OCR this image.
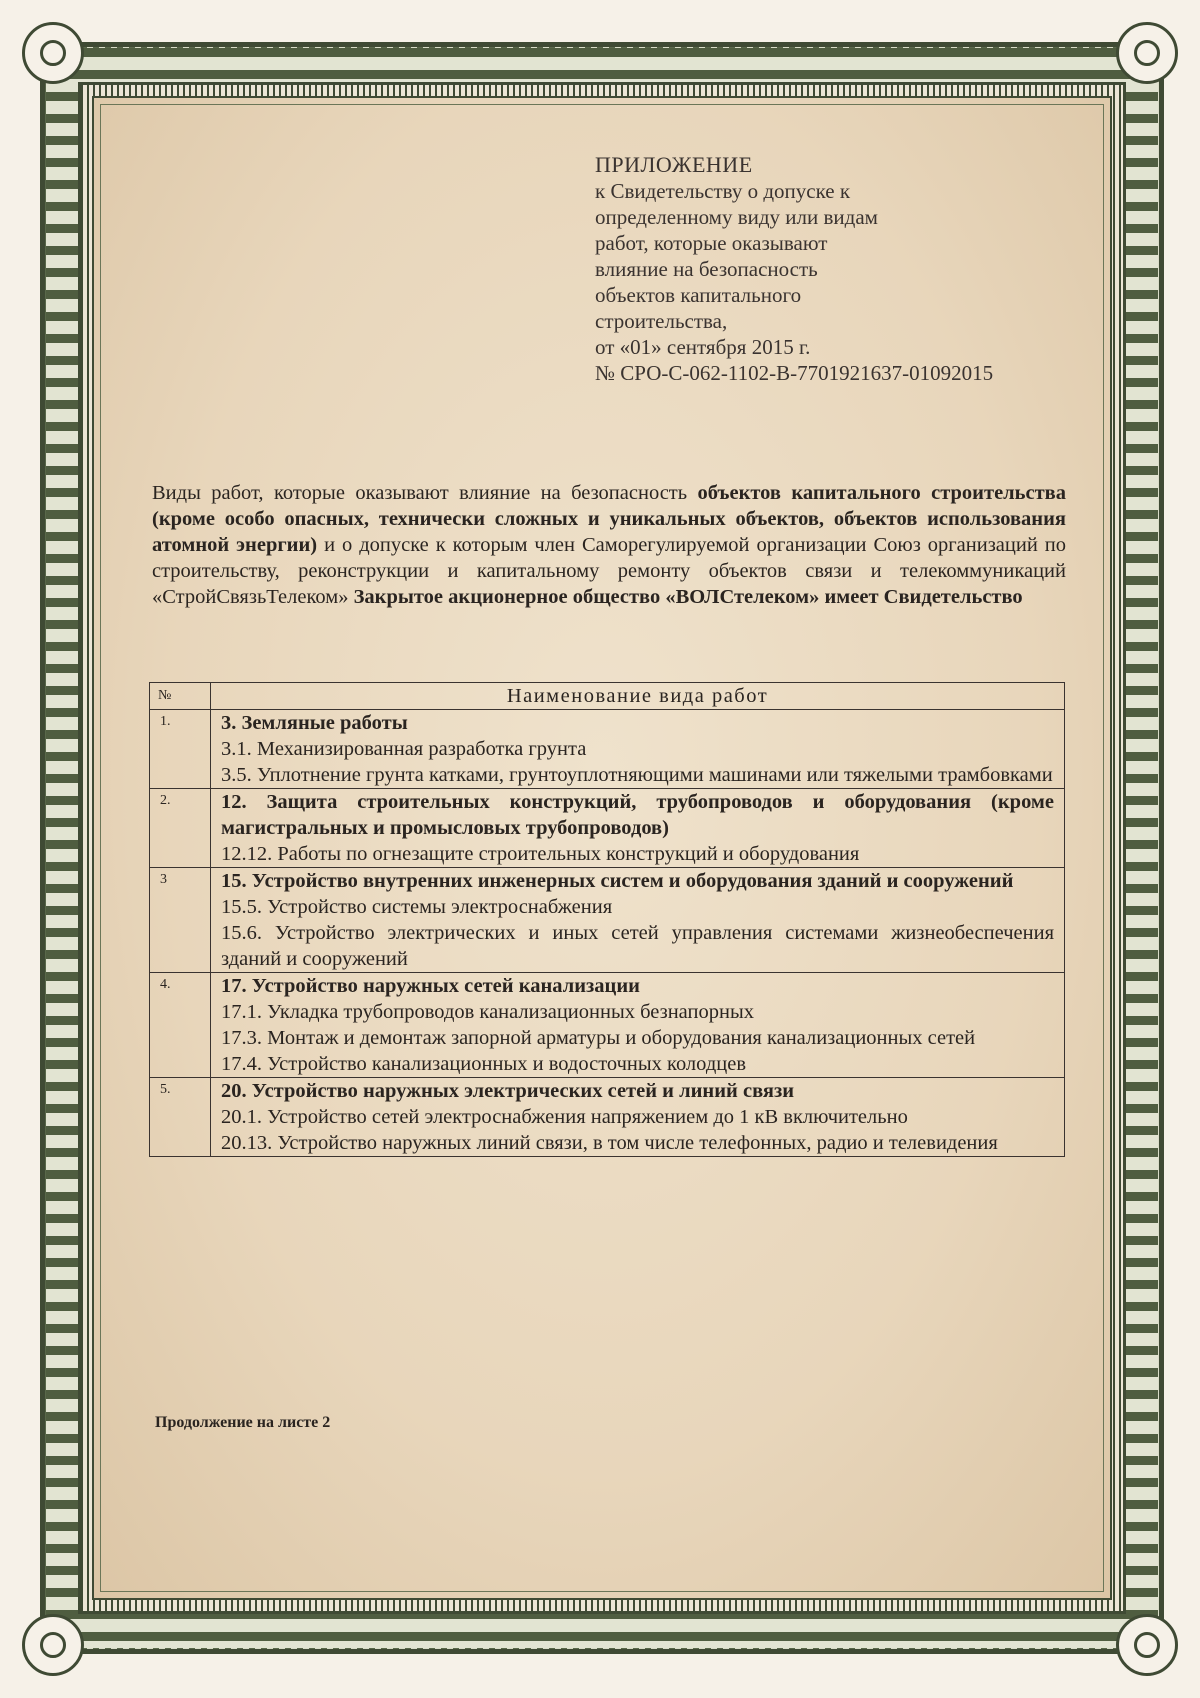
ПРИЛОЖЕНИЕ
к Свидетельству о допуске к
определенному виду или видам
работ, которые оказывают
влияние на безопасность
объектов капитального
строительства,
от «01» сентября 2015 г.
№ СРО-С-062-1102-В-7701921637-01092015

Виды работ, которые оказывают влияние на безопасность объектов капитального строительства (кроме особо опасных, технически сложных и уникальных объектов, объектов использования атомной энергии) и о допуске к которым член Саморегулируемой организации Союз организаций по строительству, реконструкции и капитальному ремонту объектов связи и телекоммуникаций «СтройСвязьТелеком» Закрытое акционерное общество «ВОЛСтелеком» имеет Свидетельство

№	Наименование вида работ
1.	3. Земляные работы
3.1. Механизированная разработка грунта
3.5. Уплотнение грунта катками, грунтоуплотняющими машинами или тяжелыми трамбовками

2.	12. Защита строительных конструкций, трубопроводов и оборудования (кроме магистральных и промысловых трубопроводов)
12.12. Работы по огнезащите строительных конструкций и оборудования

3	15. Устройство внутренних инженерных систем и оборудования зданий и сооружений
15.5. Устройство системы электроснабжения
15.6. Устройство электрических и иных сетей управления системами жизнеобеспечения зданий и сооружений

4.	17. Устройство наружных сетей канализации
17.1. Укладка трубопроводов канализационных безнапорных
17.3. Монтаж и демонтаж запорной арматуры и оборудования канализационных сетей
17.4. Устройство канализационных и водосточных колодцев

5.	20. Устройство наружных электрических сетей и линий связи
20.1. Устройство сетей электроснабжения напряжением до 1 кВ включительно
20.13. Устройство наружных линий связи, в том числе телефонных, радио и телевидения
Продолжение на листе 2
